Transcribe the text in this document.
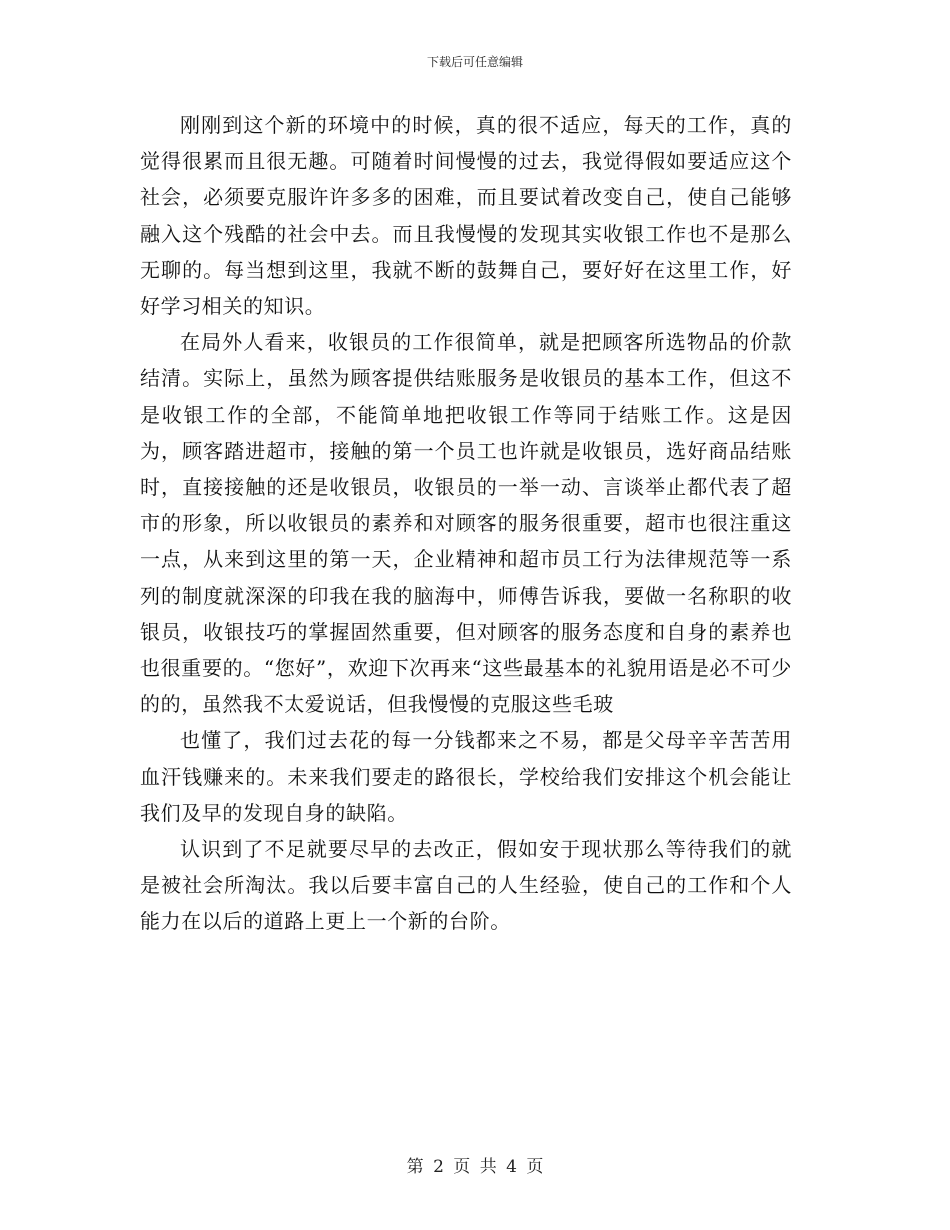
下载后可任意编辑

刚刚到这个新的环境中的时候，真的很不适应，每天的工作，真的觉得很累而且很无趣。可随着时间慢慢的过去，我觉得假如要适应这个社会，必须要克服许许多多的困难，而且要试着改变自己，使自己能够融入这个残酷的社会中去。而且我慢慢的发现其实收银工作也不是那么无聊的。每当想到这里，我就不断的鼓舞自己，要好好在这里工作，好好学习相关的知识。

在局外人看来，收银员的工作很简单，就是把顾客所选物品的价款结清。实际上，虽然为顾客提供结账服务是收银员的基本工作，但这不是收银工作的全部，不能简单地把收银工作等同于结账工作。这是因为，顾客踏进超市，接触的第一个员工也许就是收银员，选好商品结账时，直接接触的还是收银员，收银员的一举一动、言谈举止都代表了超市的形象，所以收银员的素养和对顾客的服务很重要，超市也很注重这一点，从来到这里的第一天，企业精神和超市员工行为法律规范等一系列的制度就深深的印我在我的脑海中，师傅告诉我，要做一名称职的收银员，收银技巧的掌握固然重要，但对顾客的服务态度和自身的素养也也很重要的。“您好”，欢迎下次再来“这些最基本的礼貌用语是必不可少的的，虽然我不太爱说话，但我慢慢的克服这些毛玻

也懂了，我们过去花的每一分钱都来之不易，都是父母辛辛苦苦用血汗钱赚来的。未来我们要走的路很长，学校给我们安排这个机会能让我们及早的发现自身的缺陷。

认识到了不足就要尽早的去改正，假如安于现状那么等待我们的就是被社会所淘汰。我以后要丰富自己的人生经验，使自己的工作和个人能力在以后的道路上更上一个新的台阶。

第 2 页 共 4 页
